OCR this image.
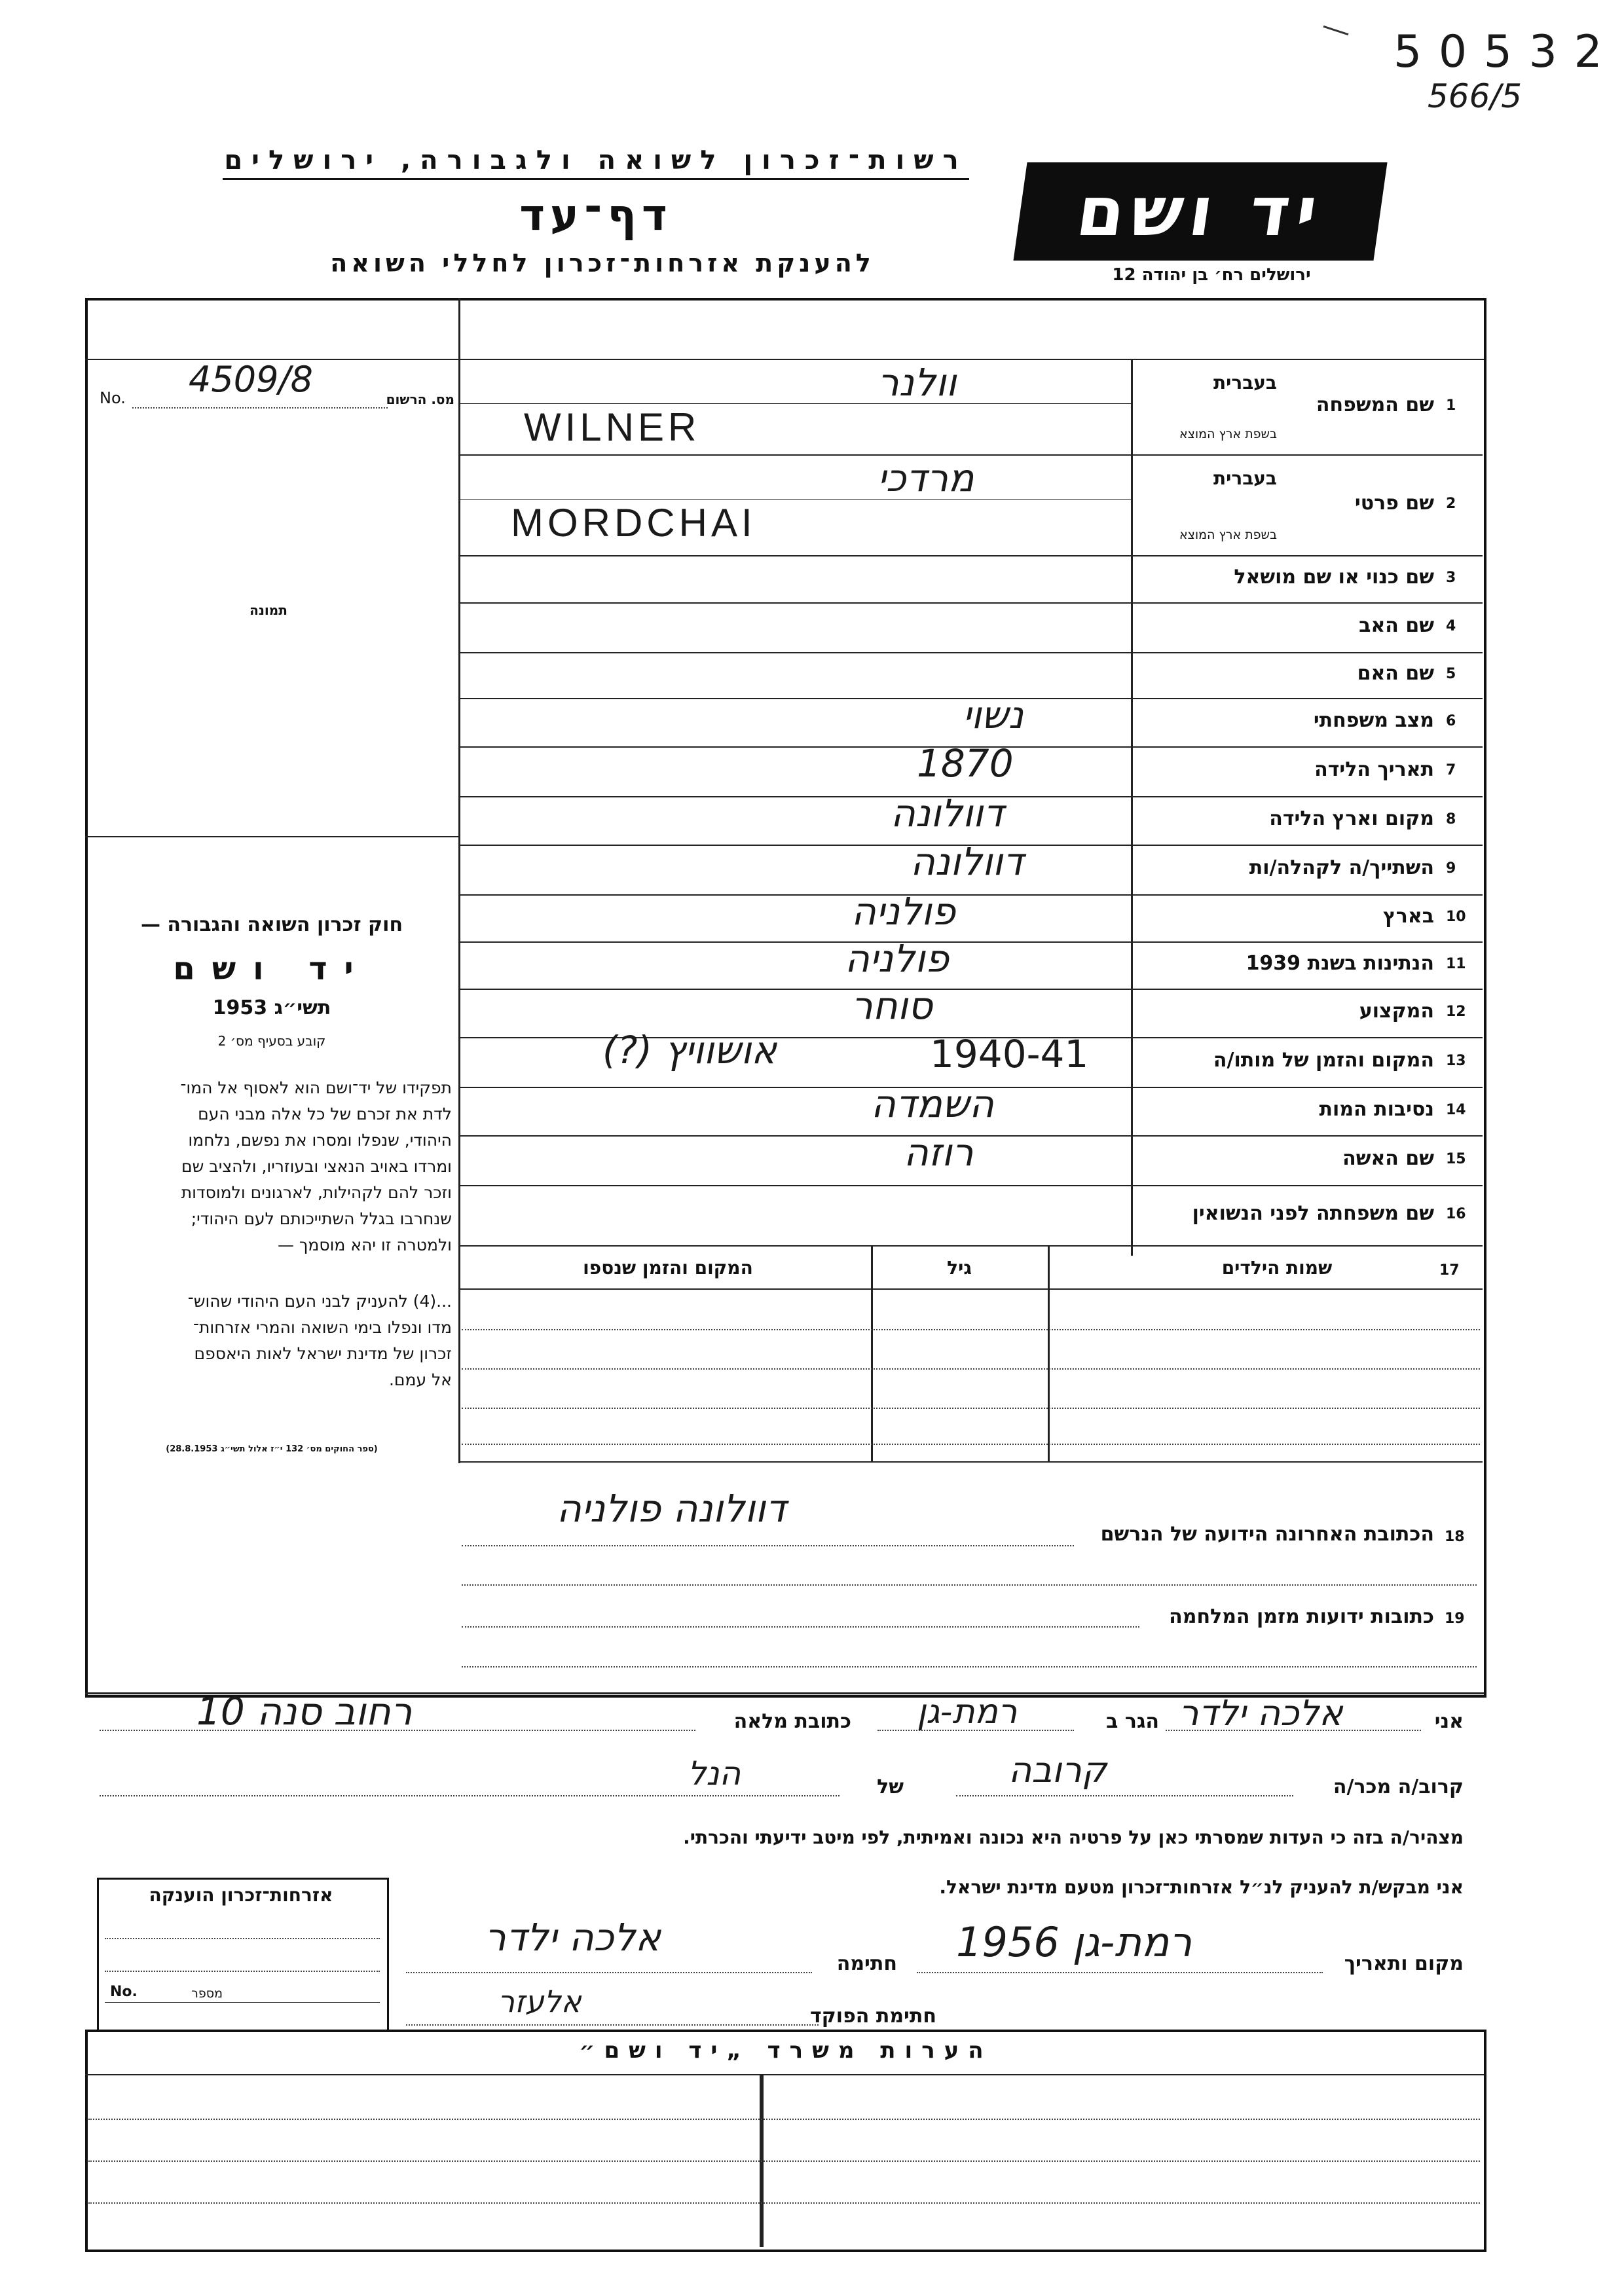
5 0 5 3 2
566/5
רשות־זכרון לשואה ולגבורה, ירושלים
דף־עד
להענקת אזרחות־זכרון לחללי השואה
יד ושם
ירושלים רח׳ בן יהודה 12
No. 4509/8	מס. הרשום
תמונה
חוק זכרון השואה והגבורה —
יד ושם
תשי״ג 1953
קובע בסעיף מס׳ 2
תפקידו של יד־ושם הוא לאסוף אל המו־
לדת את זכרם של כל אלה מבני העם
היהודי, שנפלו ומסרו את נפשם, נלחמו
ומרדו באויב הנאצי ובעוזריו, ולהציב שם
וזכר להם לקהילות, לארגונים ולמוסדות
שנחרבו בגלל השתייכותם לעם היהודי;
ולמטרה זו יהא מוסמך —
...(4) להעניק לבני העם היהודי שהוש־
מדו ונפלו בימי השואה והמרי אזרחות־
זכרון של מדינת ישראל לאות היאספם
אל עמם.
(ספר החוקים מס׳ 132 י״ז אלול תשי״ג 28.8.1953)
1
שם המשפחה
בעברית
בשפת ארץ המוצא
וולנר
WILNER
2
שם פרטי
בעברית
בשפת ארץ המוצא
מרדכי
MORDCHAI
3
שם כנוי או שם מושאל
4
שם האב
5
שם האם
6
מצב משפחתי
נשוי
7
תאריך הלידה
1870
8
מקום וארץ הלידה
דוולונה
9
השתייך/ה לקהלה/ות
דוולונה
10
בארץ
פולניה
11
הנתינות בשנת 1939
פולניה
12
המקצוע
סוחר
13
המקום והזמן של מותו/ה
1940-41
אושוויץ (?)
14
נסיבות המות
השמדה
15
שם האשה
רוזה
16
שם משפחתה לפני הנשואין
17
שמות הילדים
גיל
המקום והזמן שנספו
18
הכתובת האחרונה הידועה של הנרשם
דוולונה פולניה
19
כתובות ידועות מזמן המלחמה
אני
אלכה ילדר
הגר ב
רמת-גן
כתובת מלאה
רחוב סנה 10
קרוב/ה מכר/ה
קרובה
של
הנל
מצהיר/ה בזה כי העדות שמסרתי כאן על פרטיה היא נכונה ואמיתית, לפי מיטב ידיעתי והכרתי.
אני מבקש/ת להעניק לנ״ל אזרחות־זכרון מטעם מדינת ישראל.
מקום ותאריך
רמת-גן 1956
חתימה
אלכה ילדר
חתימת הפוקד
אלעזר
אזרחות־זכרון הוענקה
No.	מספר
הערות משרד „יד ושם״
